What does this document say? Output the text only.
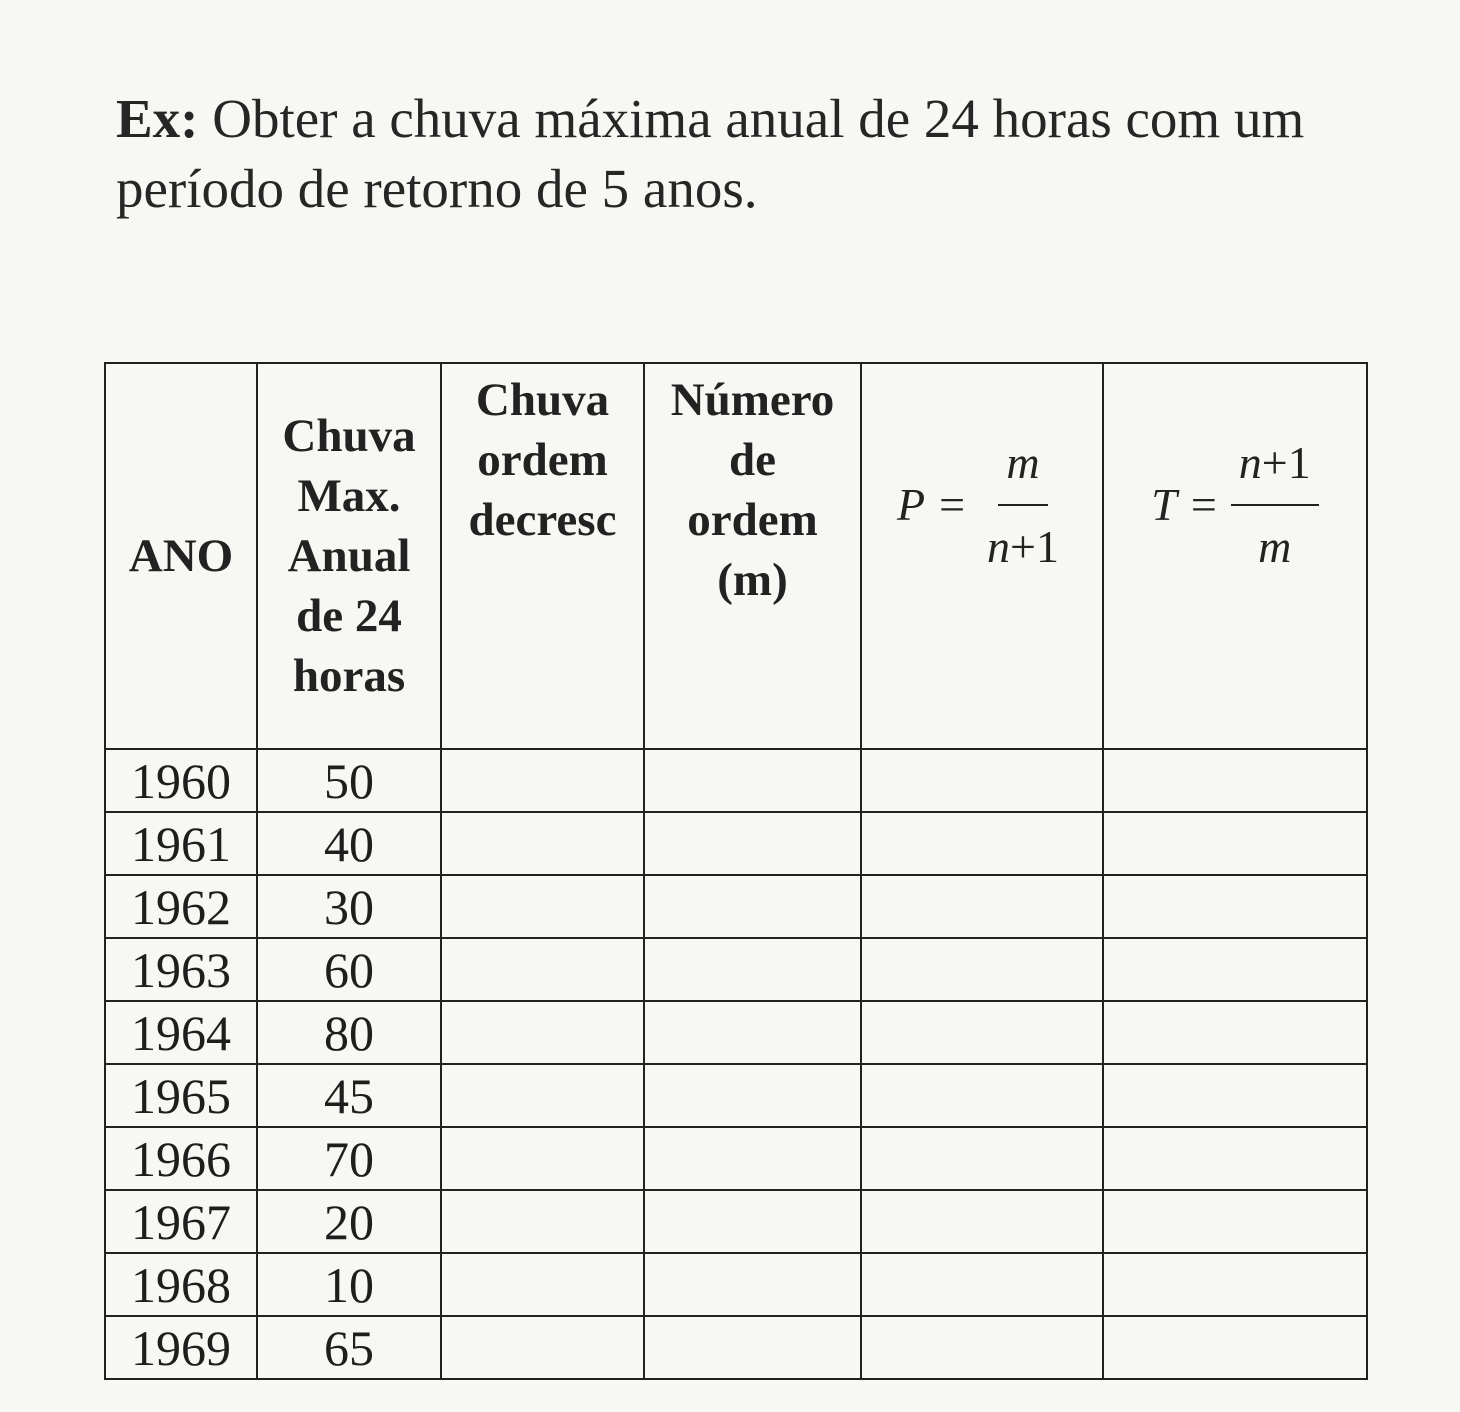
Ex: Obter a chuva máxima anual de 24 horas com um período de retorno de 5 anos.
ANO	Chuva
Max.
Anual
de 24
horas	Chuva
ordem
decresc	Número
de
ordem
(m)	$P = \frac{m}{n+1}$	$T = \frac{n+1}{m}$

1960	50				
1961	40				
1962	30				
1963	60				
1964	80				
1965	45				
1966	70				
1967	20				
1968	10				
1969	65				
